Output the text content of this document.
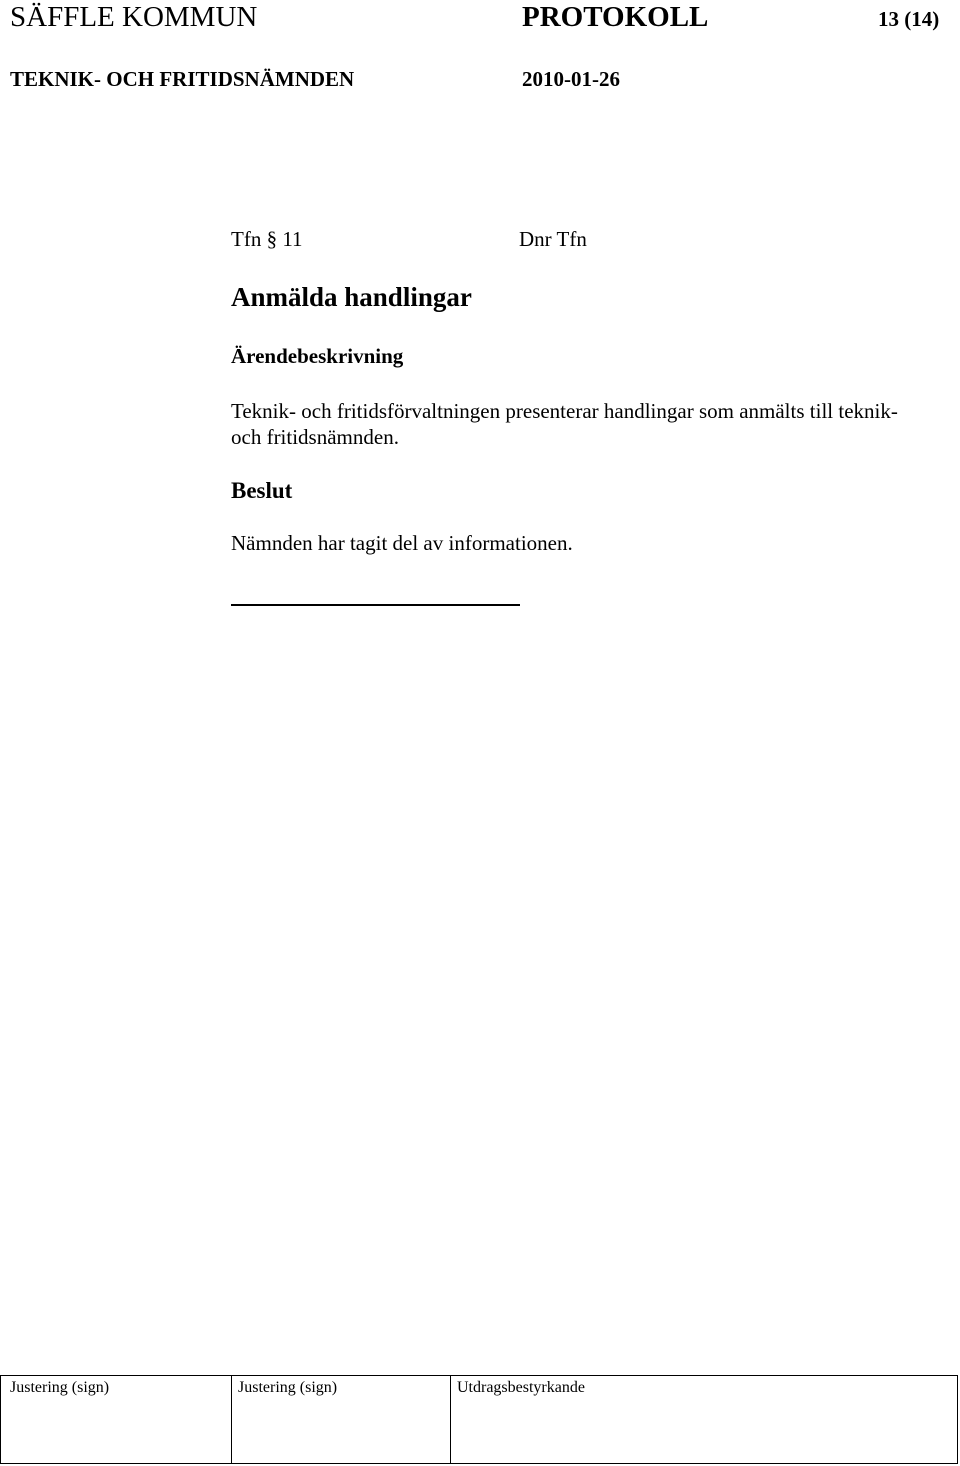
SÄFFLE KOMMUN	PROTOKOLL	13 (14)
TEKNIK- OCH FRITIDSNÄMNDEN	2010-01-26
Tfn § 11	Dnr Tfn
Anmälda handlingar
Ärendebeskrivning
Teknik- och fritidsförvaltningen presenterar handlingar som anmälts till teknik- och fritidsnämnden.
Beslut
Nämnden har tagit del av informationen.
Justering (sign)	Justering (sign)	Utdragsbestyrkande
